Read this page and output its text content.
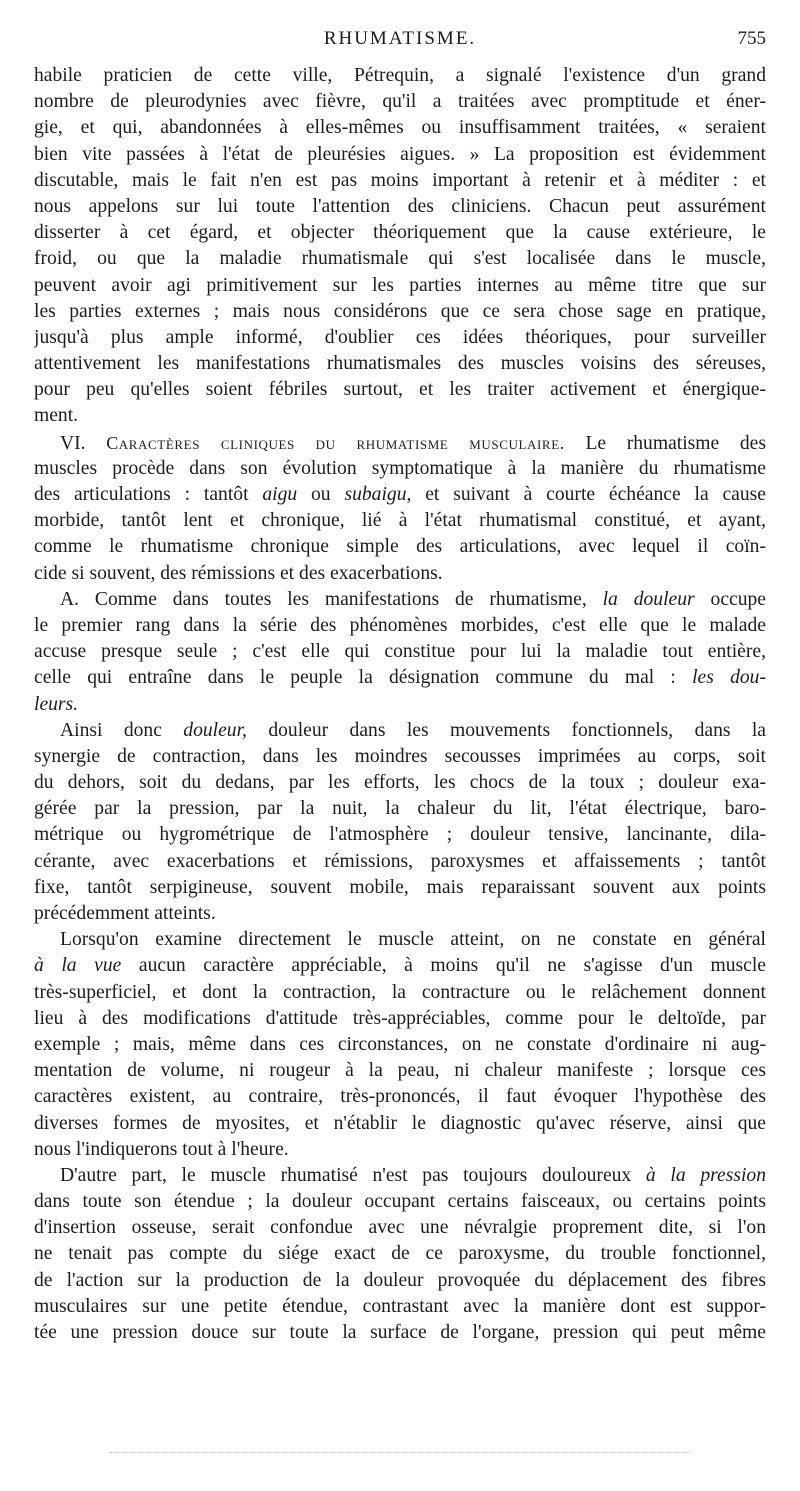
RHUMATISME.	755
habile praticien de cette ville, Pétrequin, a signalé l'existence d'un grand
nombre de pleurodynies avec fièvre, qu'il a traitées avec promptitude et éner-
gie, et qui, abandonnées à elles-mêmes ou insuffisamment traitées, « seraient
bien vite passées à l'état de pleurésies aigues. » La proposition est évidemment
discutable, mais le fait n'en est pas moins important à retenir et à méditer : et
nous appelons sur lui toute l'attention des cliniciens. Chacun peut assurément
disserter à cet égard, et objecter théoriquement que la cause extérieure, le
froid, ou que la maladie rhumatismale qui s'est localisée dans le muscle,
peuvent avoir agi primitivement sur les parties internes au même titre que sur
les parties externes ; mais nous considérons que ce sera chose sage en pratique,
jusqu'à plus ample informé, d'oublier ces idées théoriques, pour surveiller
attentivement les manifestations rhumatismales des muscles voisins des séreuses,
pour peu qu'elles soient fébriles surtout, et les traiter activement et énergique-
ment.
VI. Caractères cliniques du rhumatisme musculaire. Le rhumatisme des
muscles procède dans son évolution symptomatique à la manière du rhumatisme
des articulations : tantôt aigu ou subaigu, et suivant à courte échéance la cause
morbide, tantôt lent et chronique, lié à l'état rhumatismal constitué, et ayant,
comme le rhumatisme chronique simple des articulations, avec lequel il coïn-
cide si souvent, des rémissions et des exacerbations.
A. Comme dans toutes les manifestations de rhumatisme, la douleur occupe
le premier rang dans la série des phénomènes morbides, c'est elle que le malade
accuse presque seule ; c'est elle qui constitue pour lui la maladie tout entière,
celle qui entraîne dans le peuple la désignation commune du mal : les dou-
leurs.
Ainsi donc douleur, douleur dans les mouvements fonctionnels, dans la
synergie de contraction, dans les moindres secousses imprimées au corps, soit
du dehors, soit du dedans, par les efforts, les chocs de la toux ; douleur exa-
gérée par la pression, par la nuit, la chaleur du lit, l'état électrique, baro-
métrique ou hygrométrique de l'atmosphère ; douleur tensive, lancinante, dila-
cérante, avec exacerbations et rémissions, paroxysmes et affaissements ; tantôt
fixe, tantôt serpigineuse, souvent mobile, mais reparaissant souvent aux points
précédemment atteints.
Lorsqu'on examine directement le muscle atteint, on ne constate en général
à la vue aucun caractère appréciable, à moins qu'il ne s'agisse d'un muscle
très-superficiel, et dont la contraction, la contracture ou le relâchement donnent
lieu à des modifications d'attitude très-appréciables, comme pour le deltoïde, par
exemple ; mais, même dans ces circonstances, on ne constate d'ordinaire ni aug-
mentation de volume, ni rougeur à la peau, ni chaleur manifeste ; lorsque ces
caractères existent, au contraire, très-prononcés, il faut évoquer l'hypothèse des
diverses formes de myosites, et n'établir le diagnostic qu'avec réserve, ainsi que
nous l'indiquerons tout à l'heure.
D'autre part, le muscle rhumatisé n'est pas toujours douloureux à la pression
dans toute son étendue ; la douleur occupant certains faisceaux, ou certains points
d'insertion osseuse, serait confondue avec une névralgie proprement dite, si l'on
ne tenait pas compte du siége exact de ce paroxysme, du trouble fonctionnel,
de l'action sur la production de la douleur provoquée du déplacement des fibres
musculaires sur une petite étendue, contrastant avec la manière dont est suppor-
tée une pression douce sur toute la surface de l'organe, pression qui peut même
